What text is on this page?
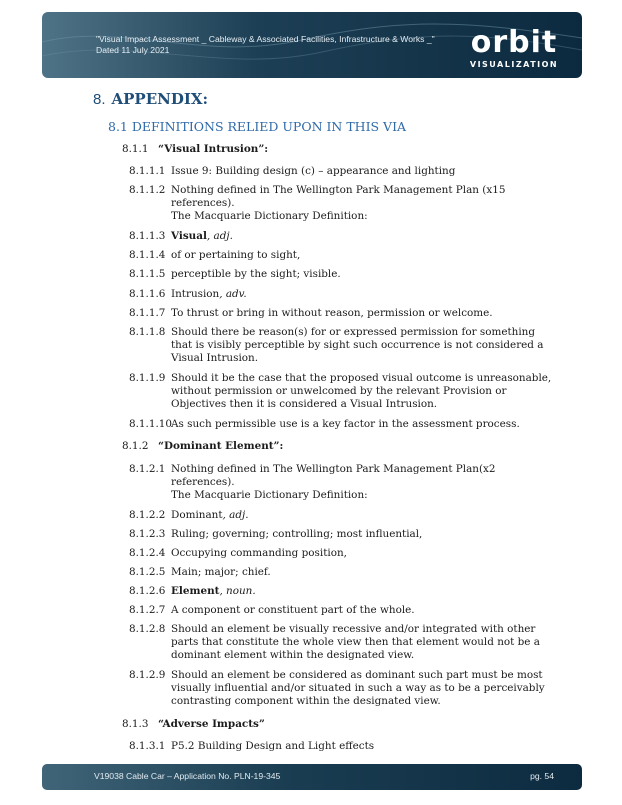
"Visual Impact Assessment _ Cableway & Associated Facilities, Infrastructure & Works _"
Dated 11 July 2021	orbit
VISUALIZATION
8. APPENDIX:
8.1 DEFINITIONS RELIED UPON IN THIS VIA
8.1.1 “Visual Intrusion”:
8.1.1.1 Issue 9: Building design (c) – appearance and lighting
8.1.1.2 Nothing defined in The Wellington Park Management Plan (x15
references).
The Macquarie Dictionary Definition:
8.1.1.3 Visual, adj.
8.1.1.4 of or pertaining to sight,
8.1.1.5 perceptible by the sight; visible.
8.1.1.6 Intrusion, adv.
8.1.1.7 To thrust or bring in without reason, permission or welcome.
8.1.1.8 Should there be reason(s) for or expressed permission for something
that is visibly perceptible by sight such occurrence is not considered a
Visual Intrusion.
8.1.1.9 Should it be the case that the proposed visual outcome is unreasonable,
without permission or unwelcomed by the relevant Provision or
Objectives then it is considered a Visual Intrusion.
8.1.1.10 As such permissible use is a key factor in the assessment process.
8.1.2 “Dominant Element”:
8.1.2.1 Nothing defined in The Wellington Park Management Plan(x2
references).
The Macquarie Dictionary Definition:
8.1.2.2 Dominant, adj.
8.1.2.3 Ruling; governing; controlling; most influential,
8.1.2.4 Occupying commanding position,
8.1.2.5 Main; major; chief.
8.1.2.6 Element, noun.
8.1.2.7 A component or constituent part of the whole.
8.1.2.8 Should an element be visually recessive and/or integrated with other
parts that constitute the whole view then that element would not be a
dominant element within the designated view.
8.1.2.9 Should an element be considered as dominant such part must be most
visually influential and/or situated in such a way as to be a perceivably
contrasting component within the designated view.
8.1.3 “Adverse Impacts”
8.1.3.1 P5.2 Building Design and Light effects
V19038 Cable Car – Application No. PLN-19-345	pg. 54
